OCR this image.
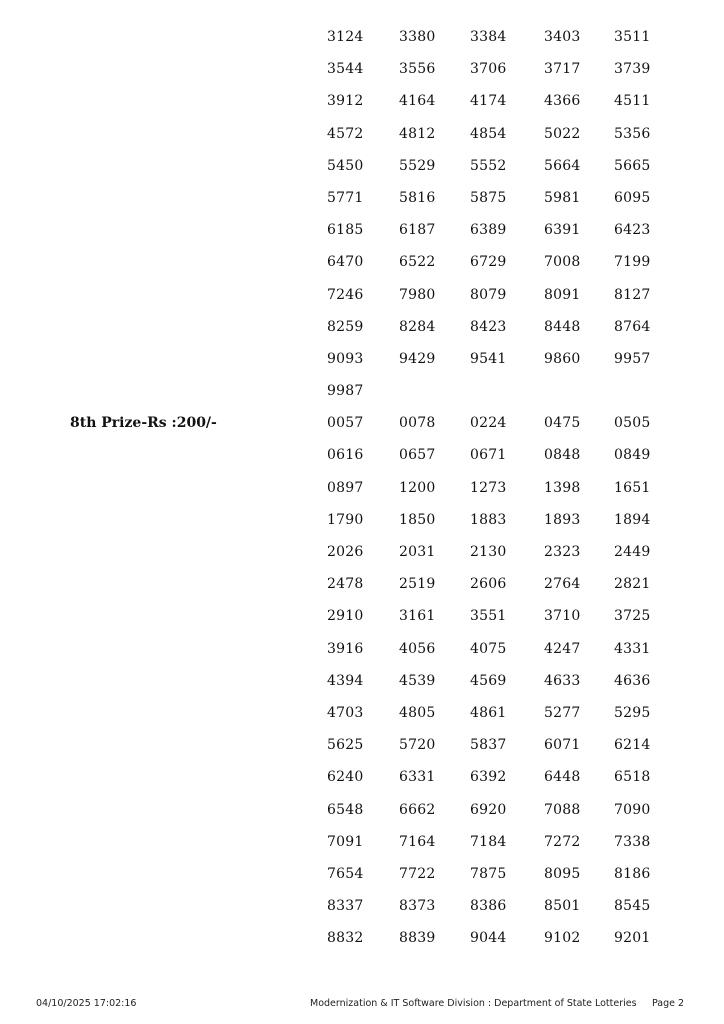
3124	3380 3384	3403 3511
3544	3556 3706	3717 3739
3912	4164 4174	4366 4511
4572	4812 4854	5022 5356
5450	5529 5552	5664 5665
5771	5816 5875	5981 6095
6185	6187 6389	6391 6423
6470	6522 6729	7008 7199
7246	7980 8079	8091 8127
8259	8284 8423	8448 8764
9093	9429 9541	9860 9957
9987
8th Prize-Rs :200/-	0057	0078 0224	0475 0505
0616	0657 0671	0848 0849
0897	1200 1273	1398 1651
1790	1850 1883	1893 1894
2026	2031 2130	2323 2449
2478	2519 2606	2764 2821
2910	3161 3551	3710 3725
3916	4056 4075	4247 4331
4394	4539 4569	4633 4636
4703	4805 4861	5277 5295
5625	5720 5837	6071 6214
6240	6331 6392	6448 6518
6548	6662 6920	7088 7090
7091	7164 7184	7272 7338
7654	7722 7875	8095 8186
8337	8373 8386	8501 8545
8832	8839 9044	9102 9201
04/10/2025 17:02:16	Modernization & IT Software Division : Department of State Lotteries Page 2
